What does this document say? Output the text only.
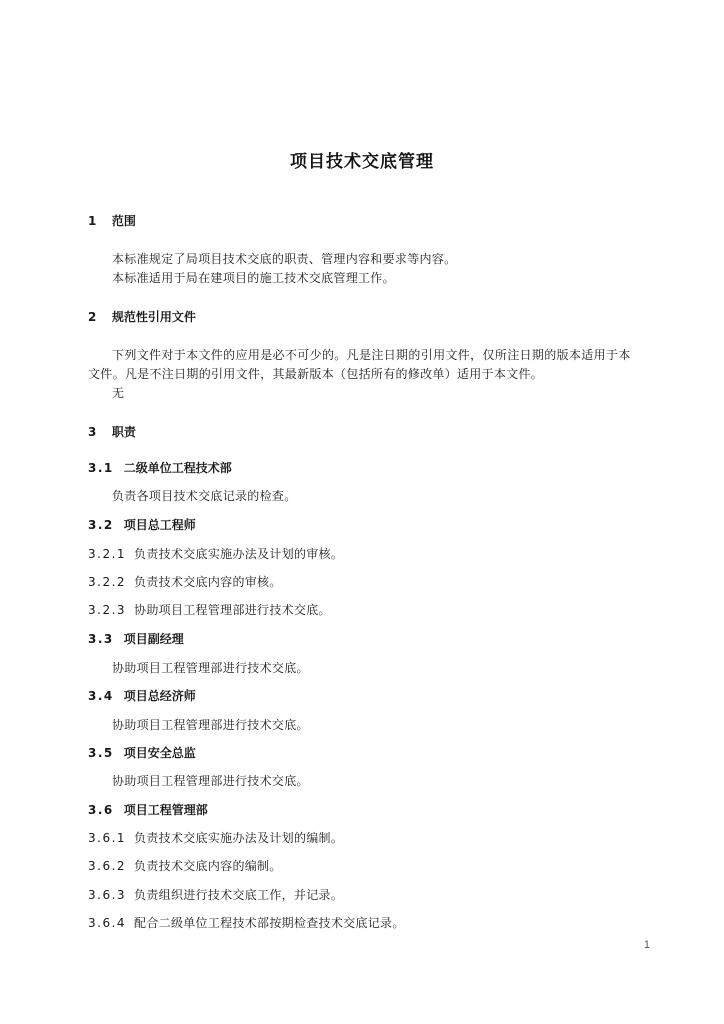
项目技术交底管理
1 范围
本标准规定了局项目技术交底的职责、管理内容和要求等内容。
本标准适用于局在建项目的施工技术交底管理工作。
2 规范性引用文件
下列文件对于本文件的应用是必不可少的。凡是注日期的引用文件，仅所注日期的版本适用于本
文件。凡是不注日期的引用文件，其最新版本（包括所有的修改单）适用于本文件。
无
3 职责
3.1 二级单位工程技术部
负责各项目技术交底记录的检查。
3.2 项目总工程师
3.2.1 负责技术交底实施办法及计划的审核。
3.2.2 负责技术交底内容的审核。
3.2.3 协助项目工程管理部进行技术交底。
3.3 项目副经理
协助项目工程管理部进行技术交底。
3.4 项目总经济师
协助项目工程管理部进行技术交底。
3.5 项目安全总监
协助项目工程管理部进行技术交底。
3.6 项目工程管理部
3.6.1 负责技术交底实施办法及计划的编制。
3.6.2 负责技术交底内容的编制。
3.6.3 负责组织进行技术交底工作，并记录。
3.6.4 配合二级单位工程技术部按期检查技术交底记录。
1
